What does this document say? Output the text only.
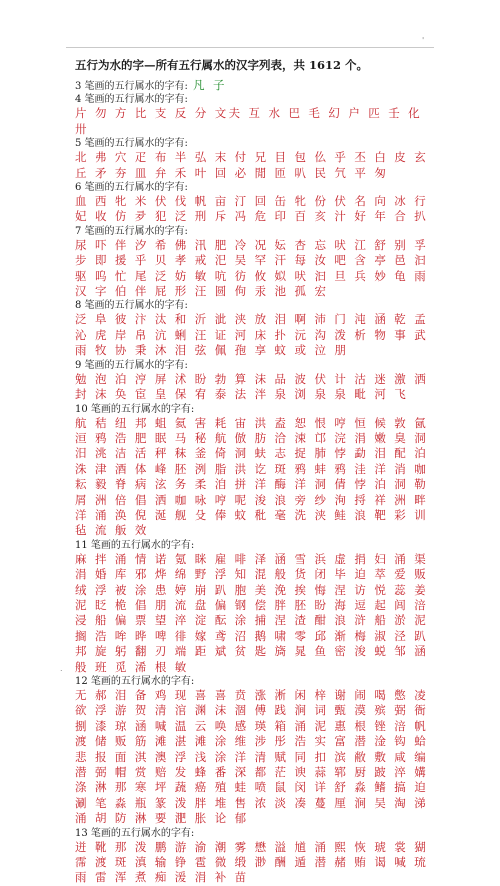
'
五行为水的字—所有五行属水的汉字列表，共 1612 个。
3 笔画的五行属水的字有: 凡 子
4 笔画的五行属水的字有:
片 勿 方 比 支 反 分 文夫 互 水 巴 毛 幻 户 匹 壬 化 卅
5 笔画的五行属水的字有:
北 弗 穴 疋 布 半 弘 末 付 兄 目 包 仫 乎 丕 白 皮 玄 丘 矛 夯 皿 弁 禾 叶 回 必 閒 匝 叭 民 氕 平 匆
6 笔画的五行属水的字有:
血 西 牝 米 伏 伐 帆 亩 汀 回 缶 牝 份 伏 名 向 冰 行 妃 收 仿 夛 犯 泛 刑 斥 冯 危 印 百 亥 汁 好 年 合 扒
7 笔画的五行属水的字有:
尿 吓 伴 汐 希 佛 汛 肥 冷 况 妘 杏 忘 吠 江 舒 别 孚 步 即 援 乎 贝 孝 戒 汜 吴 罕 汗 每 汝 吧 含 亭 邑 汩 驱 呜 忙 尾 泛 妨 敏 吭 彷 攸 姒 吠 汩 旦 兵 妙 龟 雨 汉 字 伯 伴 屁 形 汪 圆 佝 汞 池 孤 宏
8 笔画的五行属水的字有:
泛 阜 彼 汴 汰 和 沂 泚 浃 放 泪 啊 沛 门 沌 涵 乾 孟 沁 虎 岸 帛 沆 蜊 汪 证 河 床 扑 沅 沟 泼 析 物 事 武 雨 牧 协 秉 沐 泪 弦 佩 孢 享 蚊 或 泣 朋
9 笔画的五行属水的字有:
勉 泡 泊 涥 屏 沭 盼 勃 算 沫 品 波 伏 计 沽 迷 激 洒 封 沫 奂 宦 皇 保 宥 泰 法 泮 泉 浏 泉 泉 毗 河 飞
10 笔画的五行属水的字有:
航 秸 纽 邦 蛆 氦 害 耗 宙 洪 盍 恕 恨 哼 恒 候 敦 氤 洹 鸦 浩 肥 眠 马 秘 航 倣 肪 洽 涑 邙 浣 涓 嫩 臭 洞 汨 洮 洁 活 秤 秣 釜 倚 洞 蚨 志 捉 肺 悖 勐 泪 配 泊 洙 津 酒 体 峰 胚 洌 脂 洪 讫 斑 鸦 蚌 鸦 洼 洋 消 咖 耘 毅 脊 病 泫 务 柔 洎 拼 洋 酶 洋 洞 倩 悖 泊 洞 勒 屑 洲 倍 倡 洒 咖 咏 哼 呢 浚 浪 旁 纱 洵 捋 祥 洲 畔 洋 涌 涣 倪 涎 舰 殳 俸 蚊 秕 毫 洗 浃 鲑 浪 靶 彩 训 毡 流 舨 效
11 笔画的五行属水的字有:
麻 拌 涌 情 诺 氪 眯 雇 啡 泽 涵 雪 浜 虚 捐 妇 涌 渠 涓 婚 库 邪 烨 绵 野 浮 知 混 般 货 闭 毕 迫 萃 爱 贩 绒 浮 被 涂 患 婷 崩 趴 胞 美 浼 挨 悔 涅 访 悦 蕊 姜 泥 眨 桅 倡 朋 流 盘 偏 钢 偿 胖 胚 盼 海 逗 起 闾 涪 浸 船 偏 票 望 淬 淀 酝 涂 捕 涅 渣 酣 浪 浒 船 淤 泥 搁 浩 哞 晔 啤 徘 嫁 鸢 沼 鹅 啸 零 邱 渐 梅 淑 泾 趴 邦 旋 躬 翻 刃 端 距 斌 贫 匙 旖 晁 鱼 密 浚 蜕 邹 涵 般 班 觅 浠 根 敏
12 笔画的五行属水的字有:
无 郝 泪 备 鸡 现 喜 喜 贲 涨 淅 闲 梓 谢 闹 喝 憋 凌 欲 浮 游 贺 清 涫 渊 沫 涸 傅 践 涧 词 甄 漠 殡 弼 衙 捌 漆 琼 涵 喊 温 云 唤 感 瑛 箱 涌 泥 惠 根 锉 涪 帆 渡 储 贩 筋 滩 湛 滩 涂 维 涉 彤 浩 实 富 潜 淦 钩 蛤 悲 报 面 淇 澳 浮 浅 涂 洋 清 赋 同 扣 滨 敝 敷 咸 编 潜 弼 帽 赏 赔 发 蜂 番 深 都 茫 谀 蒜 郓 厨 跛 淬 媾 涤 淋 那 寒 坪 蔬 癌 殖 蛙 喷 鼠 闵 详 舒 淼 鳍 搞 迫 涮 笔 淼 瓶 篆 泼 胖 堆 售 浓 淡 凑 蔓 厘 涧 吴 淘 涕 涌 胡 防 淋 要 淝 胀 论 郁
13 笔画的五行属水的字有:
迸 靴 那 泼 鹏 游 渝 潮 雾 懋 溢 馗 涌 熙 恢 琥 裳 猢 霈 渡 斑 滇 输 铮 雹 微 缎 渺 酬 遁 潜 赭 贿 谒 喊 琉 雨 雷 浑 煮 痴 湲 涓 补 苗
.
